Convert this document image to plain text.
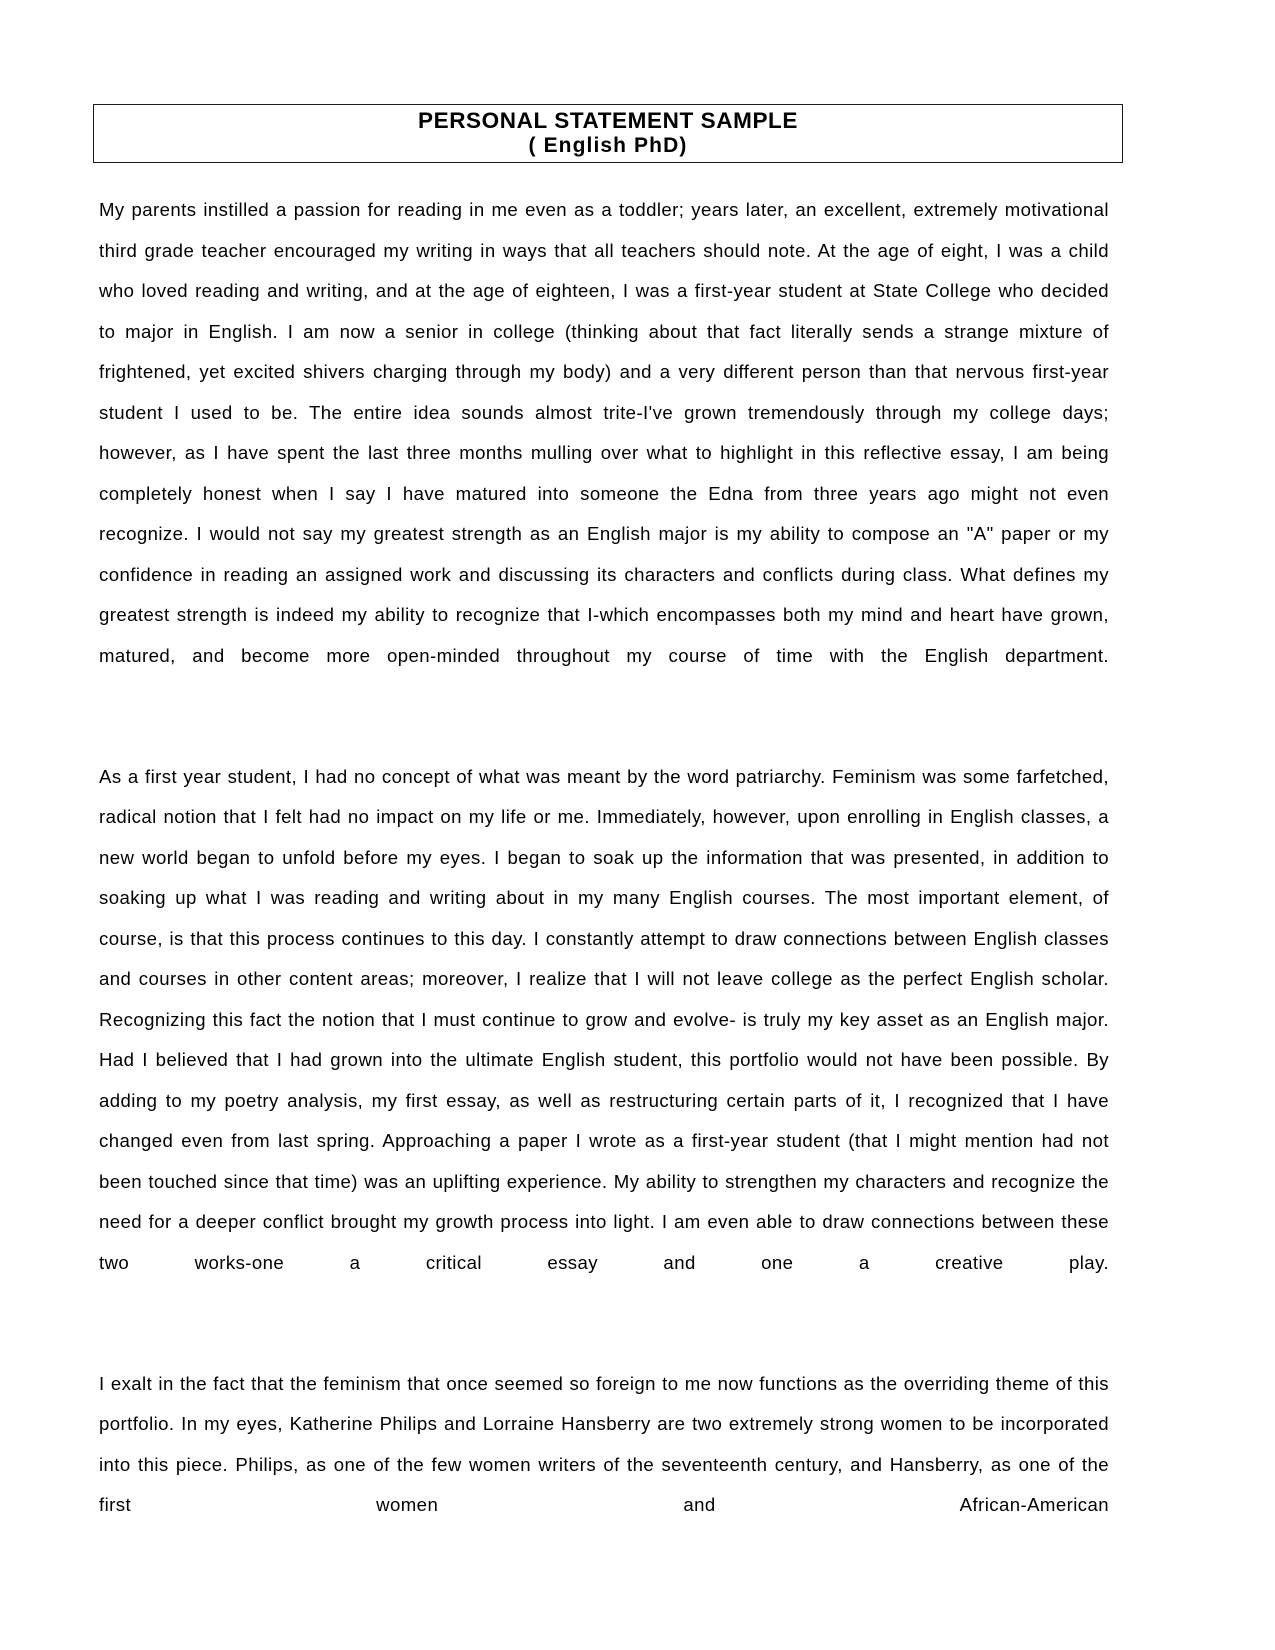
PERSONAL STATEMENT SAMPLE
( English PhD)

My parents instilled a passion for reading in me even as a toddler; years later, an excellent, extremely motivational third grade teacher encouraged my writing in ways that all teachers should note. At the age of eight, I was a child who loved reading and writing, and at the age of eighteen, I was a first-year student at State College who decided to major in English. I am now a senior in college (thinking about that fact literally sends a strange mixture of frightened, yet excited shivers charging through my body) and a very different person than that nervous first-year student I used to be. The entire idea sounds almost trite-I've grown tremendously through my college days; however, as I have spent the last three months mulling over what to highlight in this reflective essay, I am being completely honest when I say I have matured into someone the Edna from three years ago might not even recognize. I would not say my greatest strength as an English major is my ability to compose an "A" paper or my confidence in reading an assigned work and discussing its characters and conflicts during class. What defines my greatest strength is indeed my ability to recognize that I-which encompasses both my mind and heart have grown, matured, and become more open-minded throughout my course of time with the English department.

As a first year student, I had no concept of what was meant by the word patriarchy. Feminism was some farfetched, radical notion that I felt had no impact on my life or me. Immediately, however, upon enrolling in English classes, a new world began to unfold before my eyes. I began to soak up the information that was presented, in addition to soaking up what I was reading and writing about in my many English courses. The most important element, of course, is that this process continues to this day. I constantly attempt to draw connections between English classes and courses in other content areas; moreover, I realize that I will not leave college as the perfect English scholar. Recognizing this fact the notion that I must continue to grow and evolve- is truly my key asset as an English major. Had I believed that I had grown into the ultimate English student, this portfolio would not have been possible. By adding to my poetry analysis, my first essay, as well as restructuring certain parts of it, I recognized that I have changed even from last spring. Approaching a paper I wrote as a first-year student (that I might mention had not been touched since that time) was an uplifting experience. My ability to strengthen my characters and recognize the need for a deeper conflict brought my growth process into light. I am even able to draw connections between these two works-one a critical essay and one a creative play.

I exalt in the fact that the feminism that once seemed so foreign to me now functions as the overriding theme of this portfolio. In my eyes, Katherine Philips and Lorraine Hansberry are two extremely strong women to be incorporated into this piece. Philips, as one of the few women writers of the seventeenth century, and Hansberry, as one of the first women and African-American
